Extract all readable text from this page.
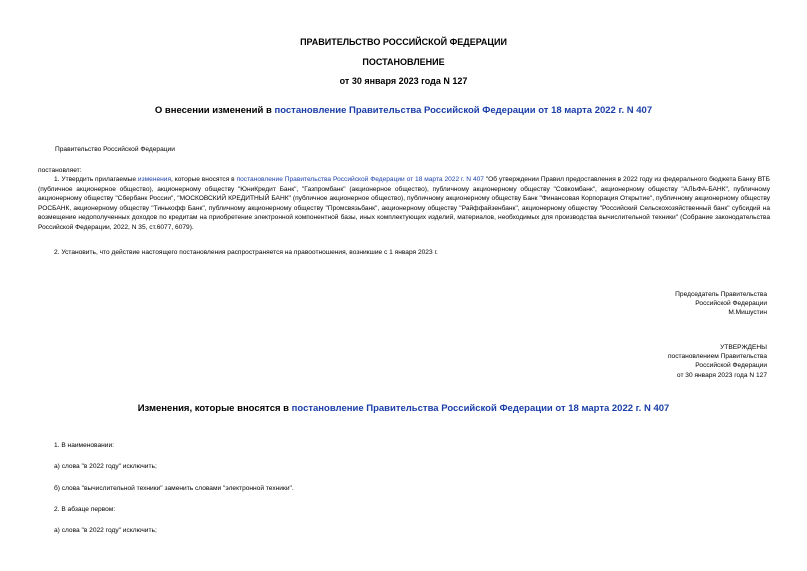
ПРАВИТЕЛЬСТВО РОССИЙСКОЙ ФЕДЕРАЦИИ
ПОСТАНОВЛЕНИЕ
от 30 января 2023 года N 127
О внесении изменений в постановление Правительства Российской Федерации от 18 марта 2022 г. N 407
Правительство Российской Федерации
постановляет:
1. Утвердить прилагаемые изменения, которые вносятся в постановление Правительства Российской Федерации от 18 марта 2022 г. N 407 "Об утверждении Правил предоставления в 2022 году из федерального бюджета Банку ВТБ (публичное акционерное общество), акционерному обществу "ЮниКредит Банк", "Газпромбанк" (акционерное общество), публичному акционерному обществу "Совкомбанк", акционерному обществу "АЛЬФА-БАНК", публичному акционерному обществу "Сбербанк России", "МОСКОВСКИЙ КРЕДИТНЫЙ БАНК" (публичное акционерное общество), публичному акционерному обществу Банк "Финансовая Корпорация Открытие", публичному акционерному обществу РОСБАНК, акционерному обществу "Тинькофф Банк", публичному акционерному обществу "Промсвязьбанк", акционерному обществу "Райффайзенбанк", акционерному обществу "Российский Сельскохозяйственный банк" субсидий на возмещение недополученных доходов по кредитам на приобретение электронной компонентной базы, иных комплектующих изделий, материалов, необходимых для производства вычислительной техники" (Собрание законодательства Российской Федерации, 2022, N 35, ст.6077, 6079).
2. Установить, что действие настоящего постановления распространяется на правоотношения, возникшие с 1 января 2023 г.
Председатель Правительства
Российской Федерации
М.Мишустин
УТВЕРЖДЕНЫ
постановлением Правительства
Российской Федерации
от 30 января 2023 года N 127
Изменения, которые вносятся в постановление Правительства Российской Федерации от 18 марта 2022 г. N 407
1. В наименовании:
а) слова "в 2022 году" исключить;
б) слова "вычислительной техники" заменить словами "электронной техники".
2. В абзаце первом:
а) слова "в 2022 году" исключить;
